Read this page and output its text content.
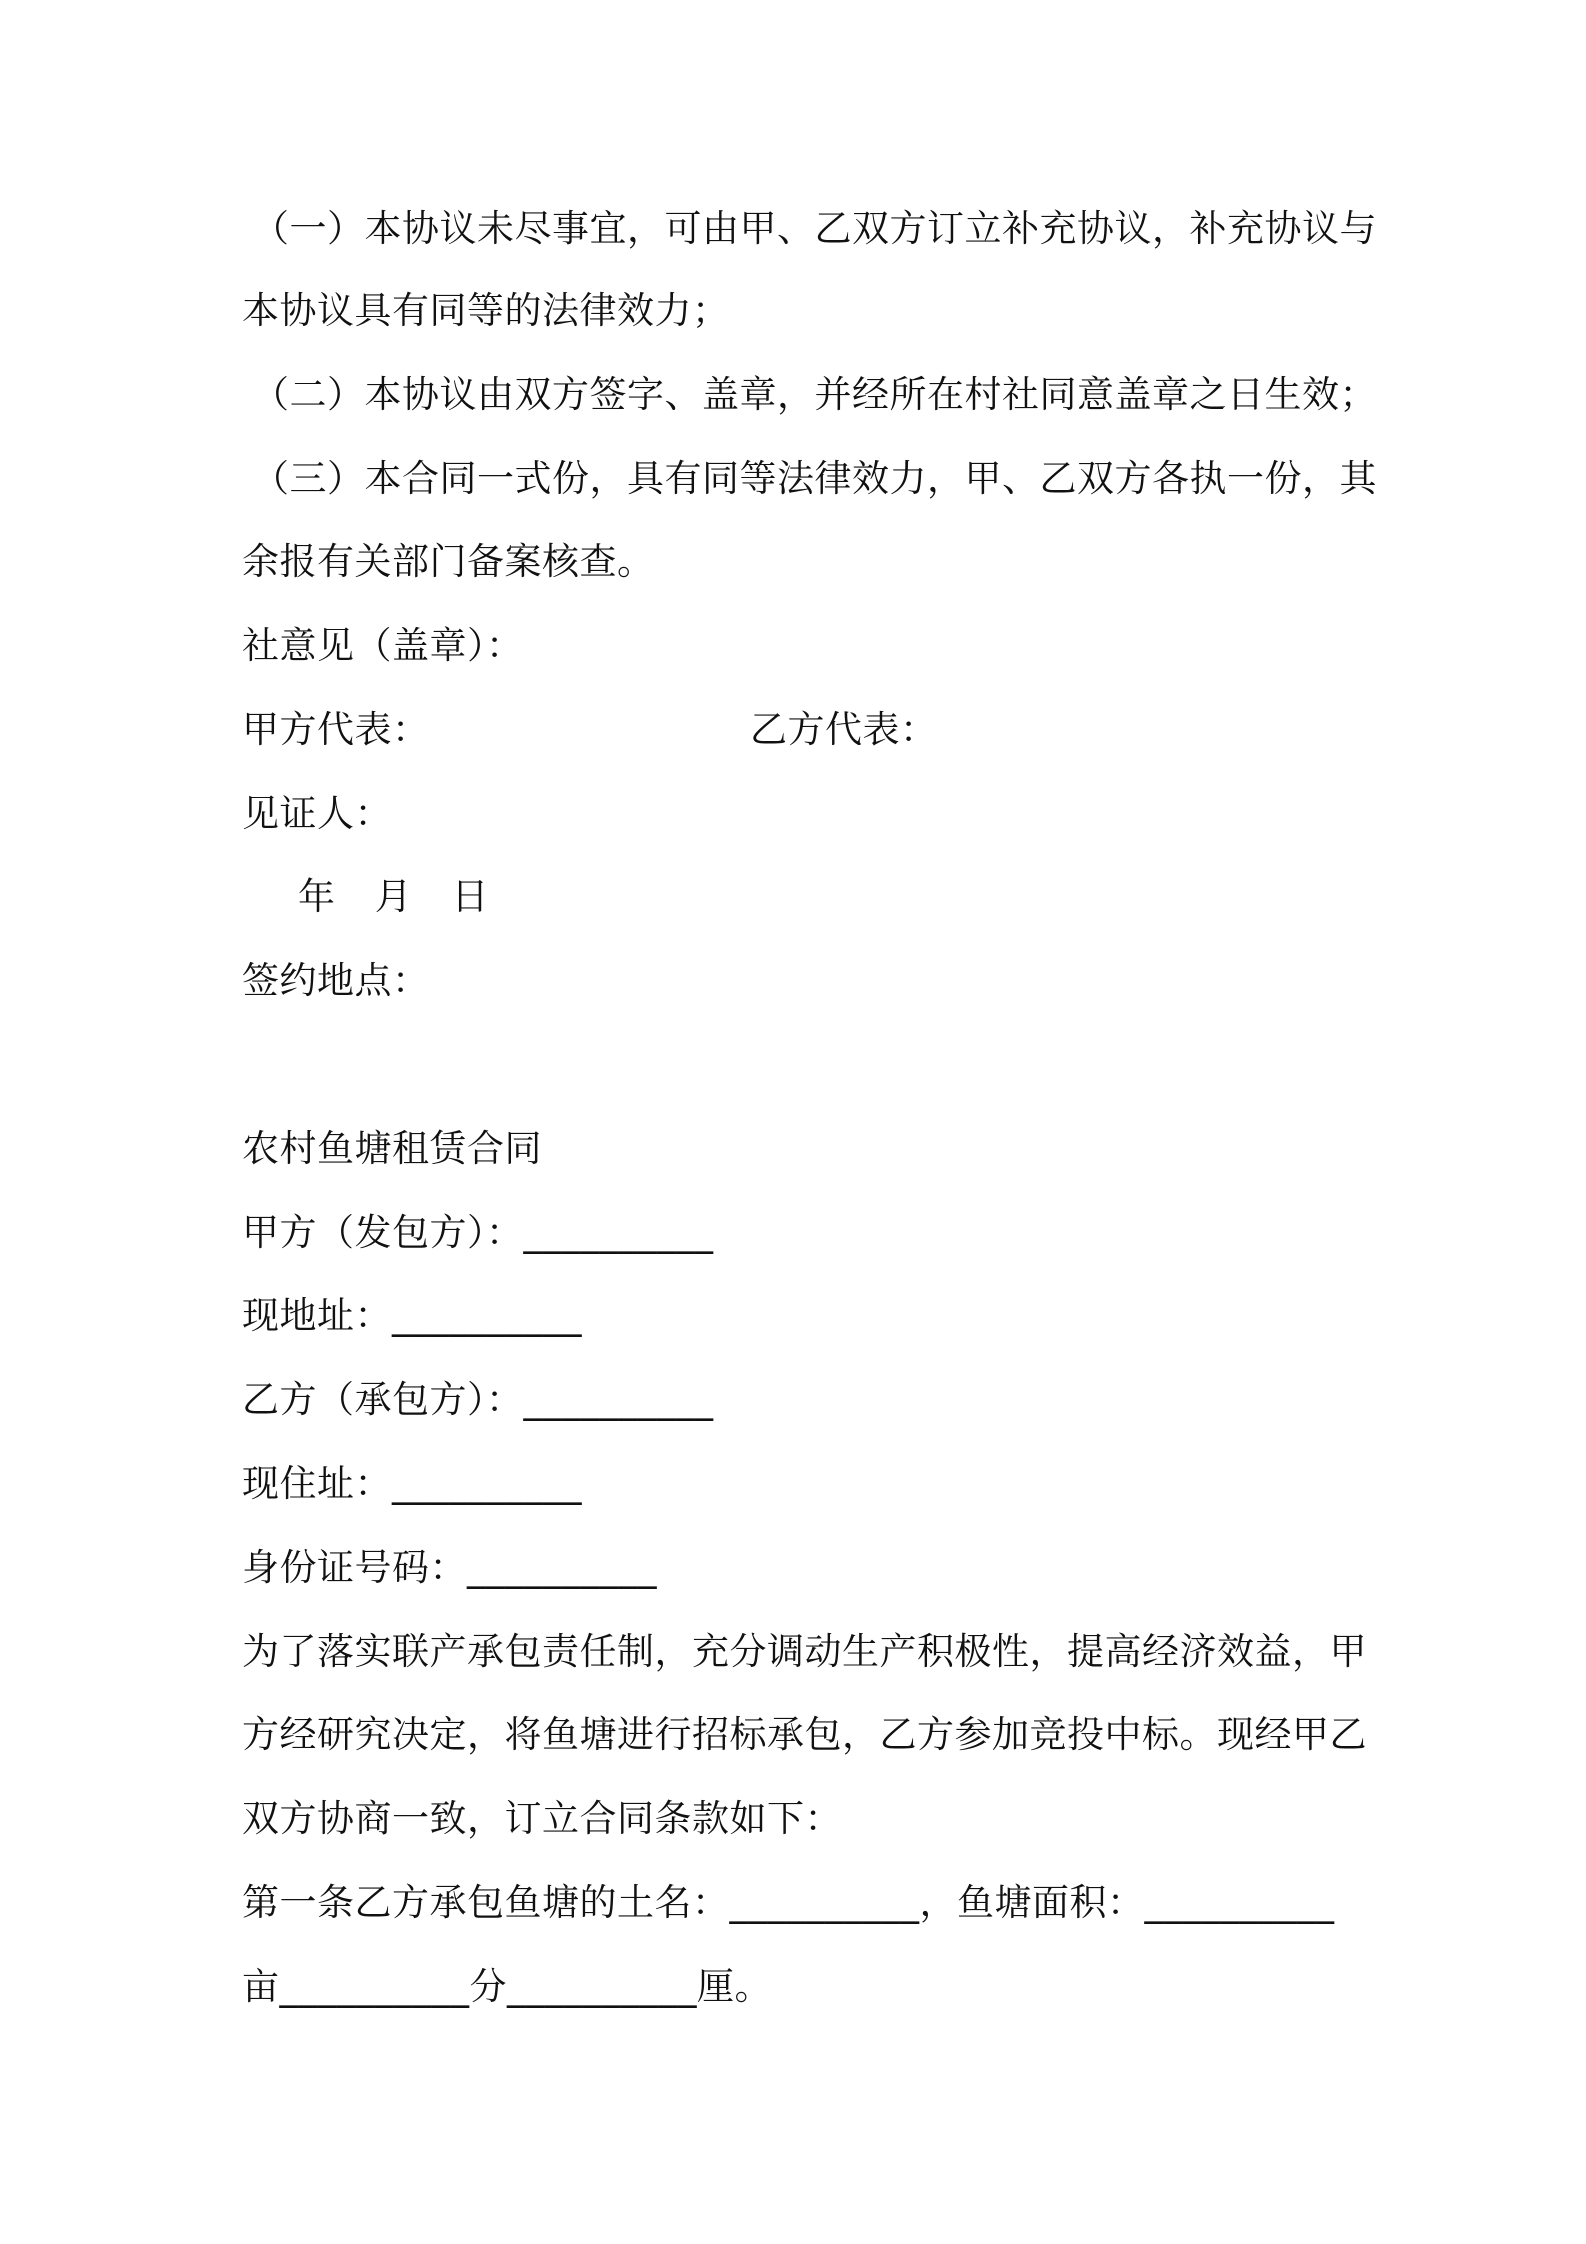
（一）本协议未尽事宜，可由甲、乙双方订立补充协议，补充协议与
本协议具有同等的法律效力；
（二）本协议由双方签字、盖章，并经所在村社同意盖章之日生效；
（三）本合同一式份，具有同等法律效力，甲、乙双方各执一份，其
余报有关部门备案核查。
社意见（盖章）：
甲方代表：	乙方代表：
见证人：
年 月 日
签约地点：
农村鱼塘租赁合同
甲方（发包方）：__________
现地址：__________
乙方（承包方）：__________
现住址：__________
身份证号码：__________
为了落实联产承包责任制，充分调动生产积极性，提高经济效益，甲
方经研究决定，将鱼塘进行招标承包，乙方参加竞投中标。现经甲乙
双方协商一致，订立合同条款如下：
第一条乙方承包鱼塘的土名：__________，鱼塘面积：__________
亩__________分__________厘。
